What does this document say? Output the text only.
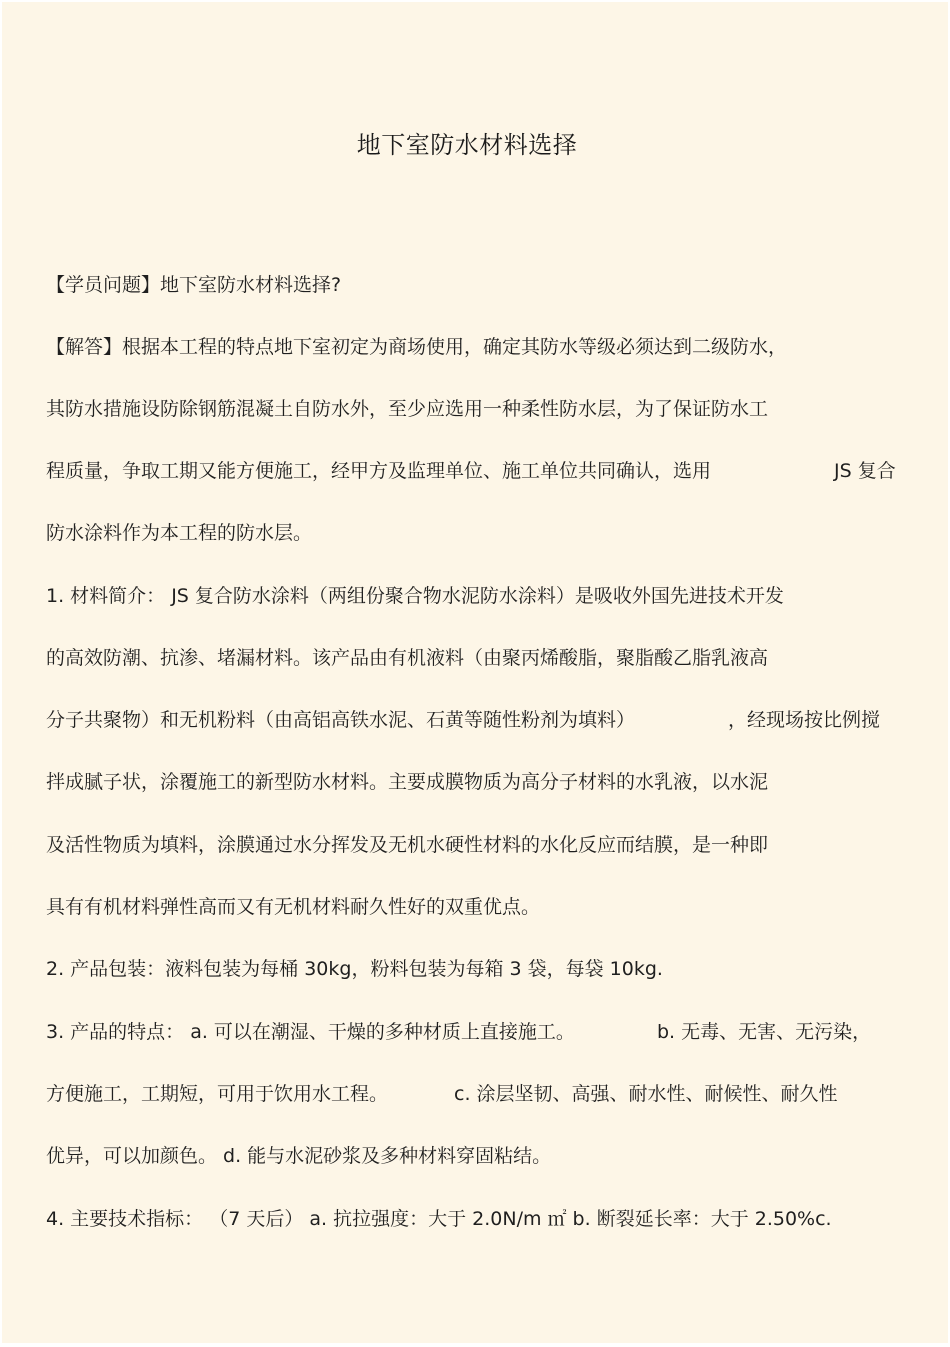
地下室防水材料选择
【学员问题】地下室防水材料选择?
【解答】根据本工程的特点地下室初定为商场使用，确定其防水等级必须达到二级防水，
其防水措施设防除钢筋混凝土自防水外，至少应选用一种柔性防水层，为了保证防水工
程质量，争取工期又能方便施工，经甲方及监理单位、施工单位共同确认，选用	JS 复合
防水涂料作为本工程的防水层。
1. 材料简介： JS 复合防水涂料（两组份聚合物水泥防水涂料）是吸收外国先进技术开发
的高效防潮、抗渗、堵漏材料。该产品由有机液料（由聚丙烯酸脂，聚脂酸乙脂乳液高
分子共聚物）和无机粉料（由高铝高铁水泥、石黄等随性粉剂为填料）	，经现场按比例搅
拌成腻子状，涂覆施工的新型防水材料。主要成膜物质为高分子材料的水乳液，以水泥
及活性物质为填料，涂膜通过水分挥发及无机水硬性材料的水化反应而结膜，是一种即
具有有机材料弹性高而又有无机材料耐久性好的双重优点。
2. 产品包装：液料包装为每桶 30kg，粉料包装为每箱 3 袋，每袋 10kg.
3. 产品的特点： a. 可以在潮湿、干燥的多种材质上直接施工。	b. 无毒、无害、无污染，
方便施工，工期短，可用于饮用水工程。	c. 涂层坚韧、高强、耐水性、耐候性、耐久性
优异，可以加颜色。 d. 能与水泥砂浆及多种材料穿固粘结。
4. 主要技术指标： （7 天后） a. 抗拉强度：大于 2.0N/m ㎡ b. 断裂延长率：大于 2.50%c.
